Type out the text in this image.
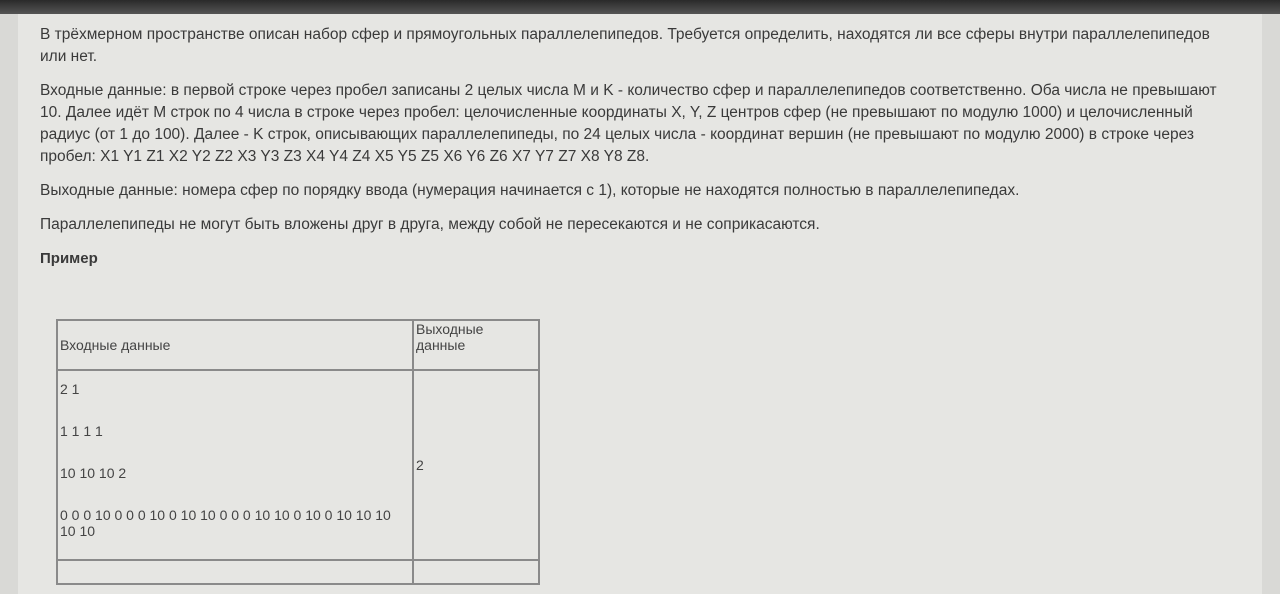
В трёхмерном пространстве описан набор сфер и прямоугольных параллелепипедов. Требуется определить, находятся ли все сферы внутри параллелепипедов или нет.

Входные данные: в первой строке через пробел записаны 2 целых числа M и K - количество сфер и параллелепипедов соответственно. Оба числа не превышают 10. Далее идёт M строк по 4 числа в строке через пробел: целочисленные координаты X, Y, Z центров сфер (не превышают по модулю 1000) и целочисленный радиус (от 1 до 100). Далее - K строк, описывающих параллелепипеды, по 24 целых числа - координат вершин (не превышают по модулю 2000) в строке через пробел: X1 Y1 Z1 X2 Y2 Z2 X3 Y3 Z3 X4 Y4 Z4 X5 Y5 Z5 X6 Y6 Z6 X7 Y7 Z7 X8 Y8 Z8.

Выходные данные: номера сфер по порядку ввода (нумерация начинается с 1), которые не находятся полностью в параллелепипедах.

Параллелепипеды не могут быть вложены друг в друга, между собой не пересекаются и не соприкасаются.

Пример

Входные данные	Выходные данные

2 1
1 1 1 1
10 10 10 2
0 0 0 10 0 0 0 10 0 10 10 0 0 0 10 10 0 10 0 10 10 10 10 10	2
